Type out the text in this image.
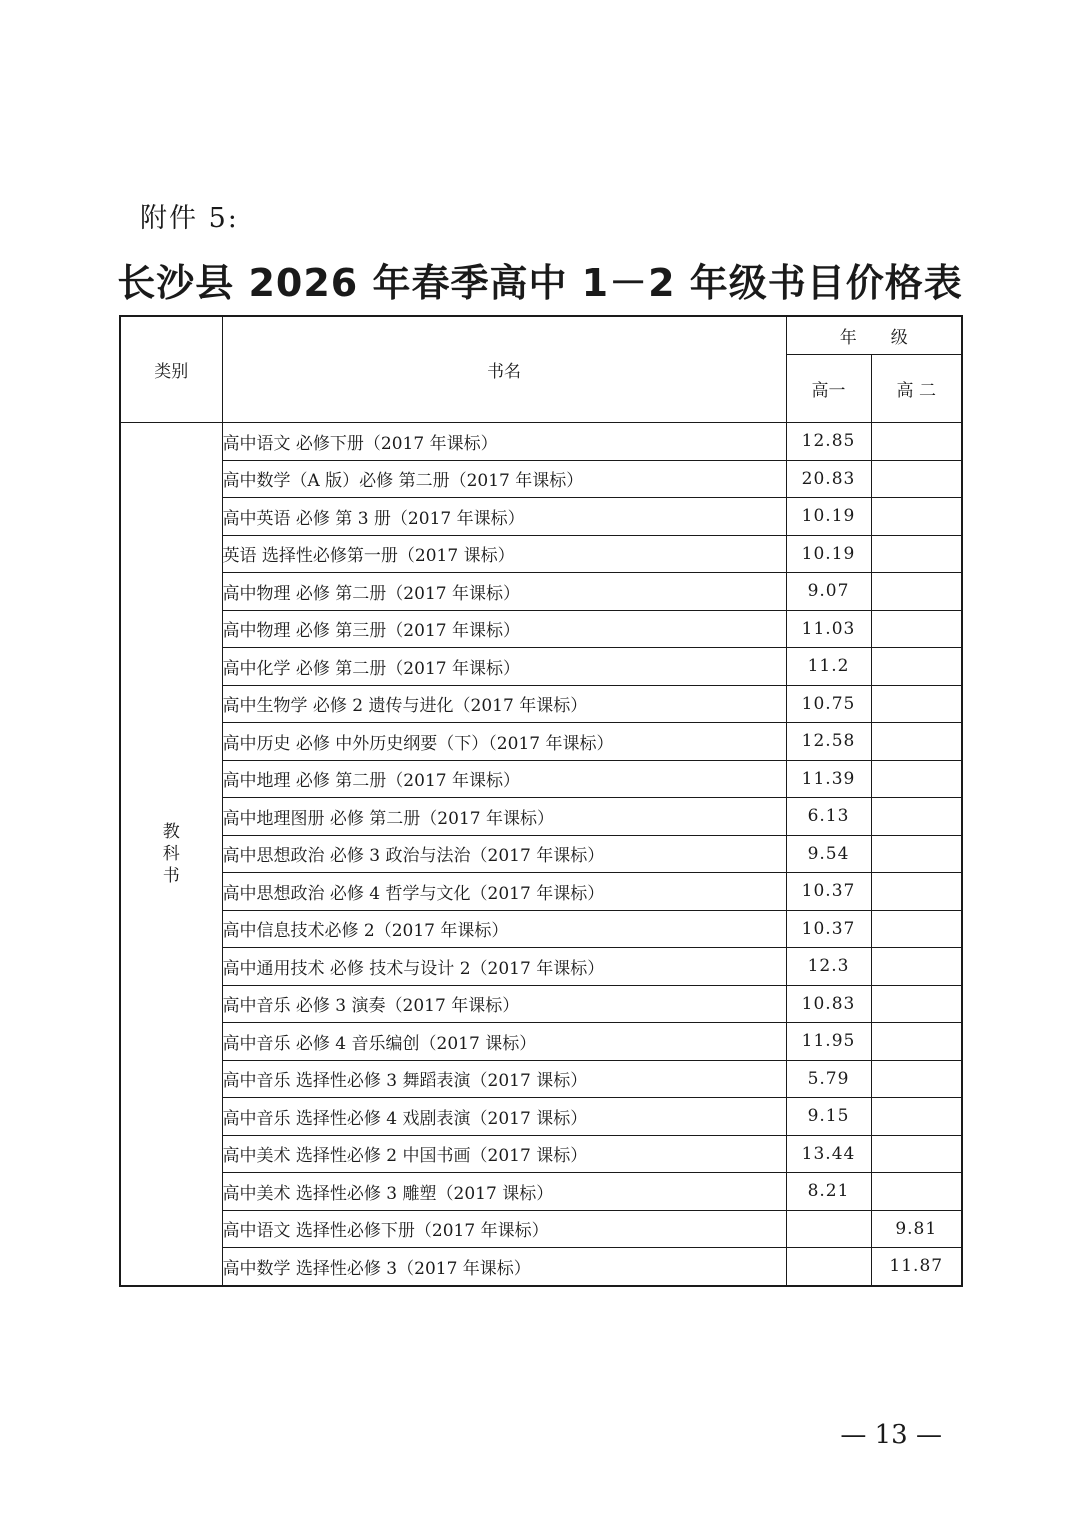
附件 5:
长沙县 2026 年春季高中 1－2 年级书目价格表
类别	书名	年　　级	
		高一	高 二

教
科
书	高中语文 必修下册（2017 年课标）	12.85	
	高中数学（A 版）必修 第二册（2017 年课标）	20.83	
	高中英语 必修 第 3 册（2017 年课标）	10.19	
	英语 选择性必修第一册（2017 课标）	10.19	
	高中物理 必修 第二册（2017 年课标）	9.07	
	高中物理 必修 第三册（2017 年课标）	11.03	
	高中化学 必修 第二册（2017 年课标）	11.2	
	高中生物学 必修 2 遗传与进化（2017 年课标）	10.75	
	高中历史 必修 中外历史纲要（下）（2017 年课标）	12.58	
	高中地理 必修 第二册（2017 年课标）	11.39	
	高中地理图册 必修 第二册（2017 年课标）	6.13	
	高中思想政治 必修 3 政治与法治（2017 年课标）	9.54	
	高中思想政治 必修 4 哲学与文化（2017 年课标）	10.37	
	高中信息技术必修 2（2017 年课标）	10.37	
	高中通用技术 必修 技术与设计 2（2017 年课标）	12.3	
	高中音乐 必修 3 演奏（2017 年课标）	10.83	
	高中音乐 必修 4 音乐编创（2017 课标）	11.95	
	高中音乐 选择性必修 3 舞蹈表演（2017 课标）	5.79	
	高中音乐 选择性必修 4 戏剧表演（2017 课标）	9.15	
	高中美术 选择性必修 2 中国书画（2017 课标）	13.44	
	高中美术 选择性必修 3 雕塑（2017 课标）	8.21	
	高中语文 选择性必修下册（2017 年课标）		9.81
	高中数学 选择性必修 3（2017 年课标）		11.87
— 13 —
